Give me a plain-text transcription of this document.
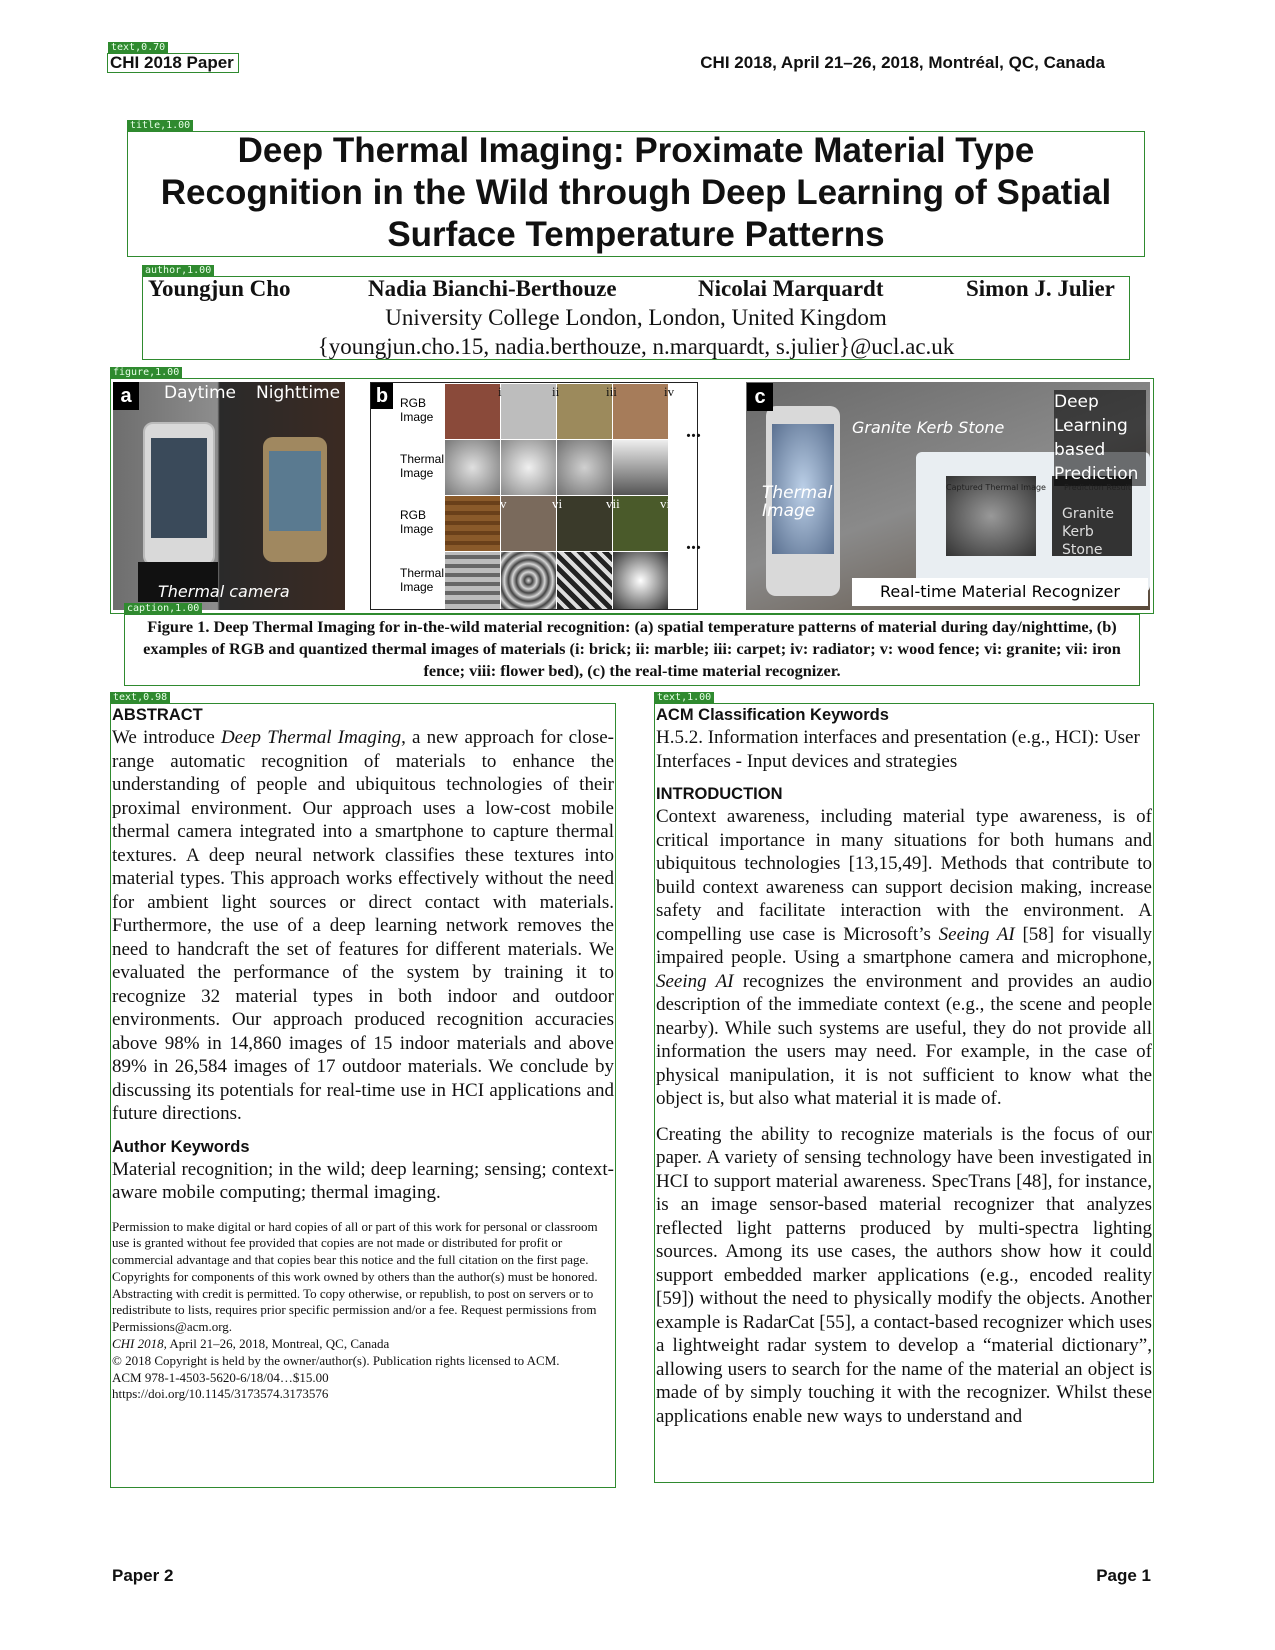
text,0.70
CHI 2018 Paper	CHI 2018, April 21–26, 2018, Montréal, QC, Canada
title,1.00
Deep Thermal Imaging: Proximate Material Type
Recognition in the Wild through Deep Learning of Spatial
Surface Temperature Patterns
author,1.00
Youngjun Cho	Nadia Bianchi-Berthouze	Nicolai Marquardt	Simon J. Julier
University College London, London, United Kingdom
{youngjun.cho.15, nadia.berthouze, n.marquardt, s.julier}@ucl.ac.uk
figure,1.00
a	Daytime Nighttime
Thermal camera
b RGB Image
Thermal Image
RGB Image
Thermal Image
i	ii	iii	iv
v	vi	vii	viii
...
...
c
Granite Kerb Stone
Thermal Image
Deep Learning based Prediction
Captured Thermal Image Prediction Result
Granite Kerb Stone
Real-time Material Recognizer
caption,1.00
Figure 1. Deep Thermal Imaging for in-the-wild material recognition: (a) spatial temperature patterns of material during day/nighttime, (b) examples of RGB and quantized thermal images of materials (i: brick; ii: marble; iii: carpet; iv: radiator; v: wood fence; vi: granite; vii: iron fence; viii: flower bed), (c) the real-time material recognizer.
text,0.98

ABSTRACT

We introduce Deep Thermal Imaging, a new approach for close-range automatic recognition of materials to enhance the understanding of people and ubiquitous technologies of their proximal environment. Our approach uses a low-cost mobile thermal camera integrated into a smartphone to capture thermal textures. A deep neural network classifies these textures into material types. This approach works effectively without the need for ambient light sources or direct contact with materials. Furthermore, the use of a deep learning network removes the need to handcraft the set of features for different materials. We evaluated the performance of the system by training it to recognize 32 material types in both indoor and outdoor environments. Our approach produced recognition accuracies above 98% in 14,860 images of 15 indoor materials and above 89% in 26,584 images of 17 outdoor materials. We conclude by discussing its potentials for real-time use in HCI applications and future directions.

Author Keywords

Material recognition; in the wild; deep learning; sensing; context-aware mobile computing; thermal imaging.

Permission to make digital or hard copies of all or part of this work for personal or classroom use is granted without fee provided that copies are not made or distributed for profit or commercial advantage and that copies bear this notice and the full citation on the first page. Copyrights for components of this work owned by others than the author(s) must be honored. Abstracting with credit is permitted. To copy otherwise, or republish, to post on servers or to redistribute to lists, requires prior specific permission and/or a fee. Request permissions from Permissions@acm.org.

CHI 2018, April 21–26, 2018, Montreal, QC, Canada

© 2018 Copyright is held by the owner/author(s). Publication rights licensed to ACM.

ACM 978-1-4503-5620-6/18/04…$15.00

https://doi.org/10.1145/3173574.3173576

text,1.00

ACM Classification Keywords

H.5.2. Information interfaces and presentation (e.g., HCI): User Interfaces - Input devices and strategies

INTRODUCTION

Context awareness, including material type awareness, is of critical importance in many situations for both humans and ubiquitous technologies [13,15,49]. Methods that contribute to build context awareness can support decision making, increase safety and facilitate interaction with the environment. A compelling use case is Microsoft’s Seeing AI [58] for visually impaired people. Using a smartphone camera and microphone, Seeing AI recognizes the environment and provides an audio description of the immediate context (e.g., the scene and people nearby). While such systems are useful, they do not provide all information the users may need. For example, in the case of physical manipulation, it is not sufficient to know what the object is, but also what material it is made of.

Creating the ability to recognize materials is the focus of our paper. A variety of sensing technology have been investigated in HCI to support material awareness. SpecTrans [48], for instance, is an image sensor-based material recognizer that analyzes reflected light patterns produced by multi-spectra lighting sources. Among its use cases, the authors show how it could support embedded marker applications (e.g., encoded reality [59]) without the need to physically modify the objects. Another example is RadarCat [55], a contact-based recognizer which uses a lightweight radar system to develop a “material dictionary”, allowing users to search for the name of the material an object is made of by simply touching it with the recognizer. Whilst these applications enable new ways to understand and

Paper 2	Page 1
